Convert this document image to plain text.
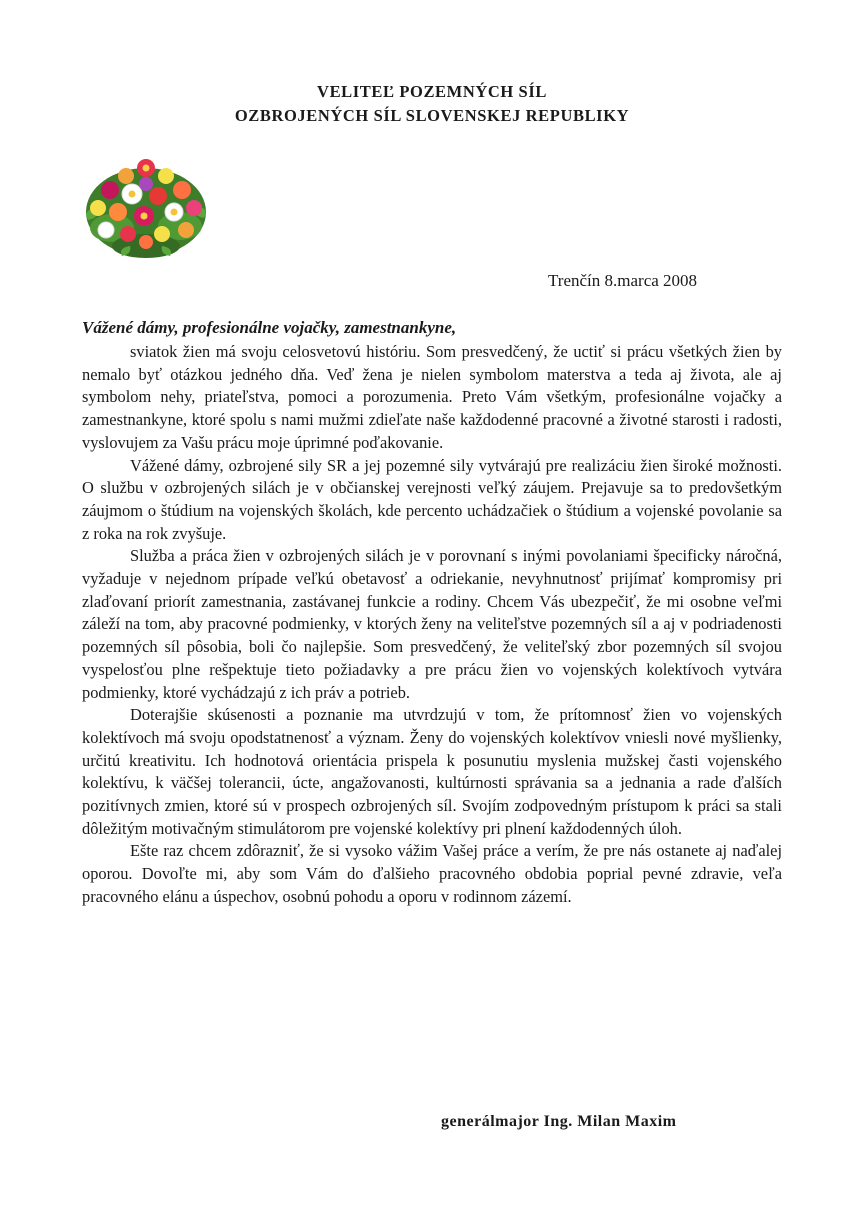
VELITEĽ POZEMNÝCH SÍL
OZBROJENÝCH SÍL SLOVENSKEJ REPUBLIKY
Trenčín 8.marca 2008
Vážené dámy, profesionálne vojačky, zamestnankyne,

sviatok žien má svoju celosvetovú históriu. Som presvedčený, že uctiť si prácu všetkých žien by nemalo byť otázkou jedného dňa. Veď žena je nielen symbolom materstva a teda aj života, ale aj symbolom nehy, priateľstva, pomoci a porozumenia. Preto Vám všetkým, profesionálne vojačky a zamestnankyne, ktoré spolu s nami mužmi zdieľate naše každodenné pracovné a životné starosti i radosti, vyslovujem za Vašu prácu moje úprimné poďakovanie.

Vážené dámy, ozbrojené sily SR a jej pozemné sily vytvárajú pre realizáciu žien široké možnosti. O službu v ozbrojených silách je v občianskej verejnosti veľký záujem. Prejavuje sa to predovšetkým záujmom o štúdium na vojenských školách, kde percento uchádzačiek o štúdium a vojenské povolanie sa z roka na rok zvyšuje.

Služba a práca žien v ozbrojených silách je v porovnaní s inými povolaniami špecificky náročná, vyžaduje v nejednom prípade veľkú obetavosť a odriekanie, nevyhnutnosť prijímať kompromisy pri zlaďovaní priorít zamestnania, zastávanej funkcie a rodiny. Chcem Vás ubezpečiť, že mi osobne veľmi záleží na tom, aby pracovné podmienky, v ktorých ženy na veliteľstve pozemných síl a aj v podriadenosti pozemných síl pôsobia, boli čo najlepšie. Som presvedčený, že veliteľský zbor pozemných síl svojou vyspelosťou plne rešpektuje tieto požiadavky a pre prácu žien vo vojenských kolektívoch vytvára podmienky, ktoré vychádzajú z ich práv a potrieb.

Doterajšie skúsenosti a poznanie ma utvrdzujú v tom, že prítomnosť žien vo vojenských kolektívoch má svoju opodstatnenosť a význam. Ženy do vojenských kolektívov vniesli nové myšlienky, určitú kreativitu. Ich hodnotová orientácia prispela k posunutiu myslenia mužskej časti vojenského kolektívu, k väčšej tolerancii, úcte, angažovanosti, kultúrnosti správania sa a jednania a rade ďalších pozitívnych zmien, ktoré sú v prospech ozbrojených síl. Svojím zodpovedným prístupom k práci sa stali dôležitým motivačným stimulátorom pre vojenské kolektívy pri plnení každodenných úloh.

Ešte raz chcem zdôrazniť, že si vysoko vážim Vašej práce a verím, že pre nás ostanete aj naďalej oporou. Dovoľte mi, aby som Vám do ďalšieho pracovného obdobia poprial pevné zdravie, veľa pracovného elánu a úspechov, osobnú pohodu a oporu v rodinnom zázemí.

generálmajor Ing. Milan Maxim
